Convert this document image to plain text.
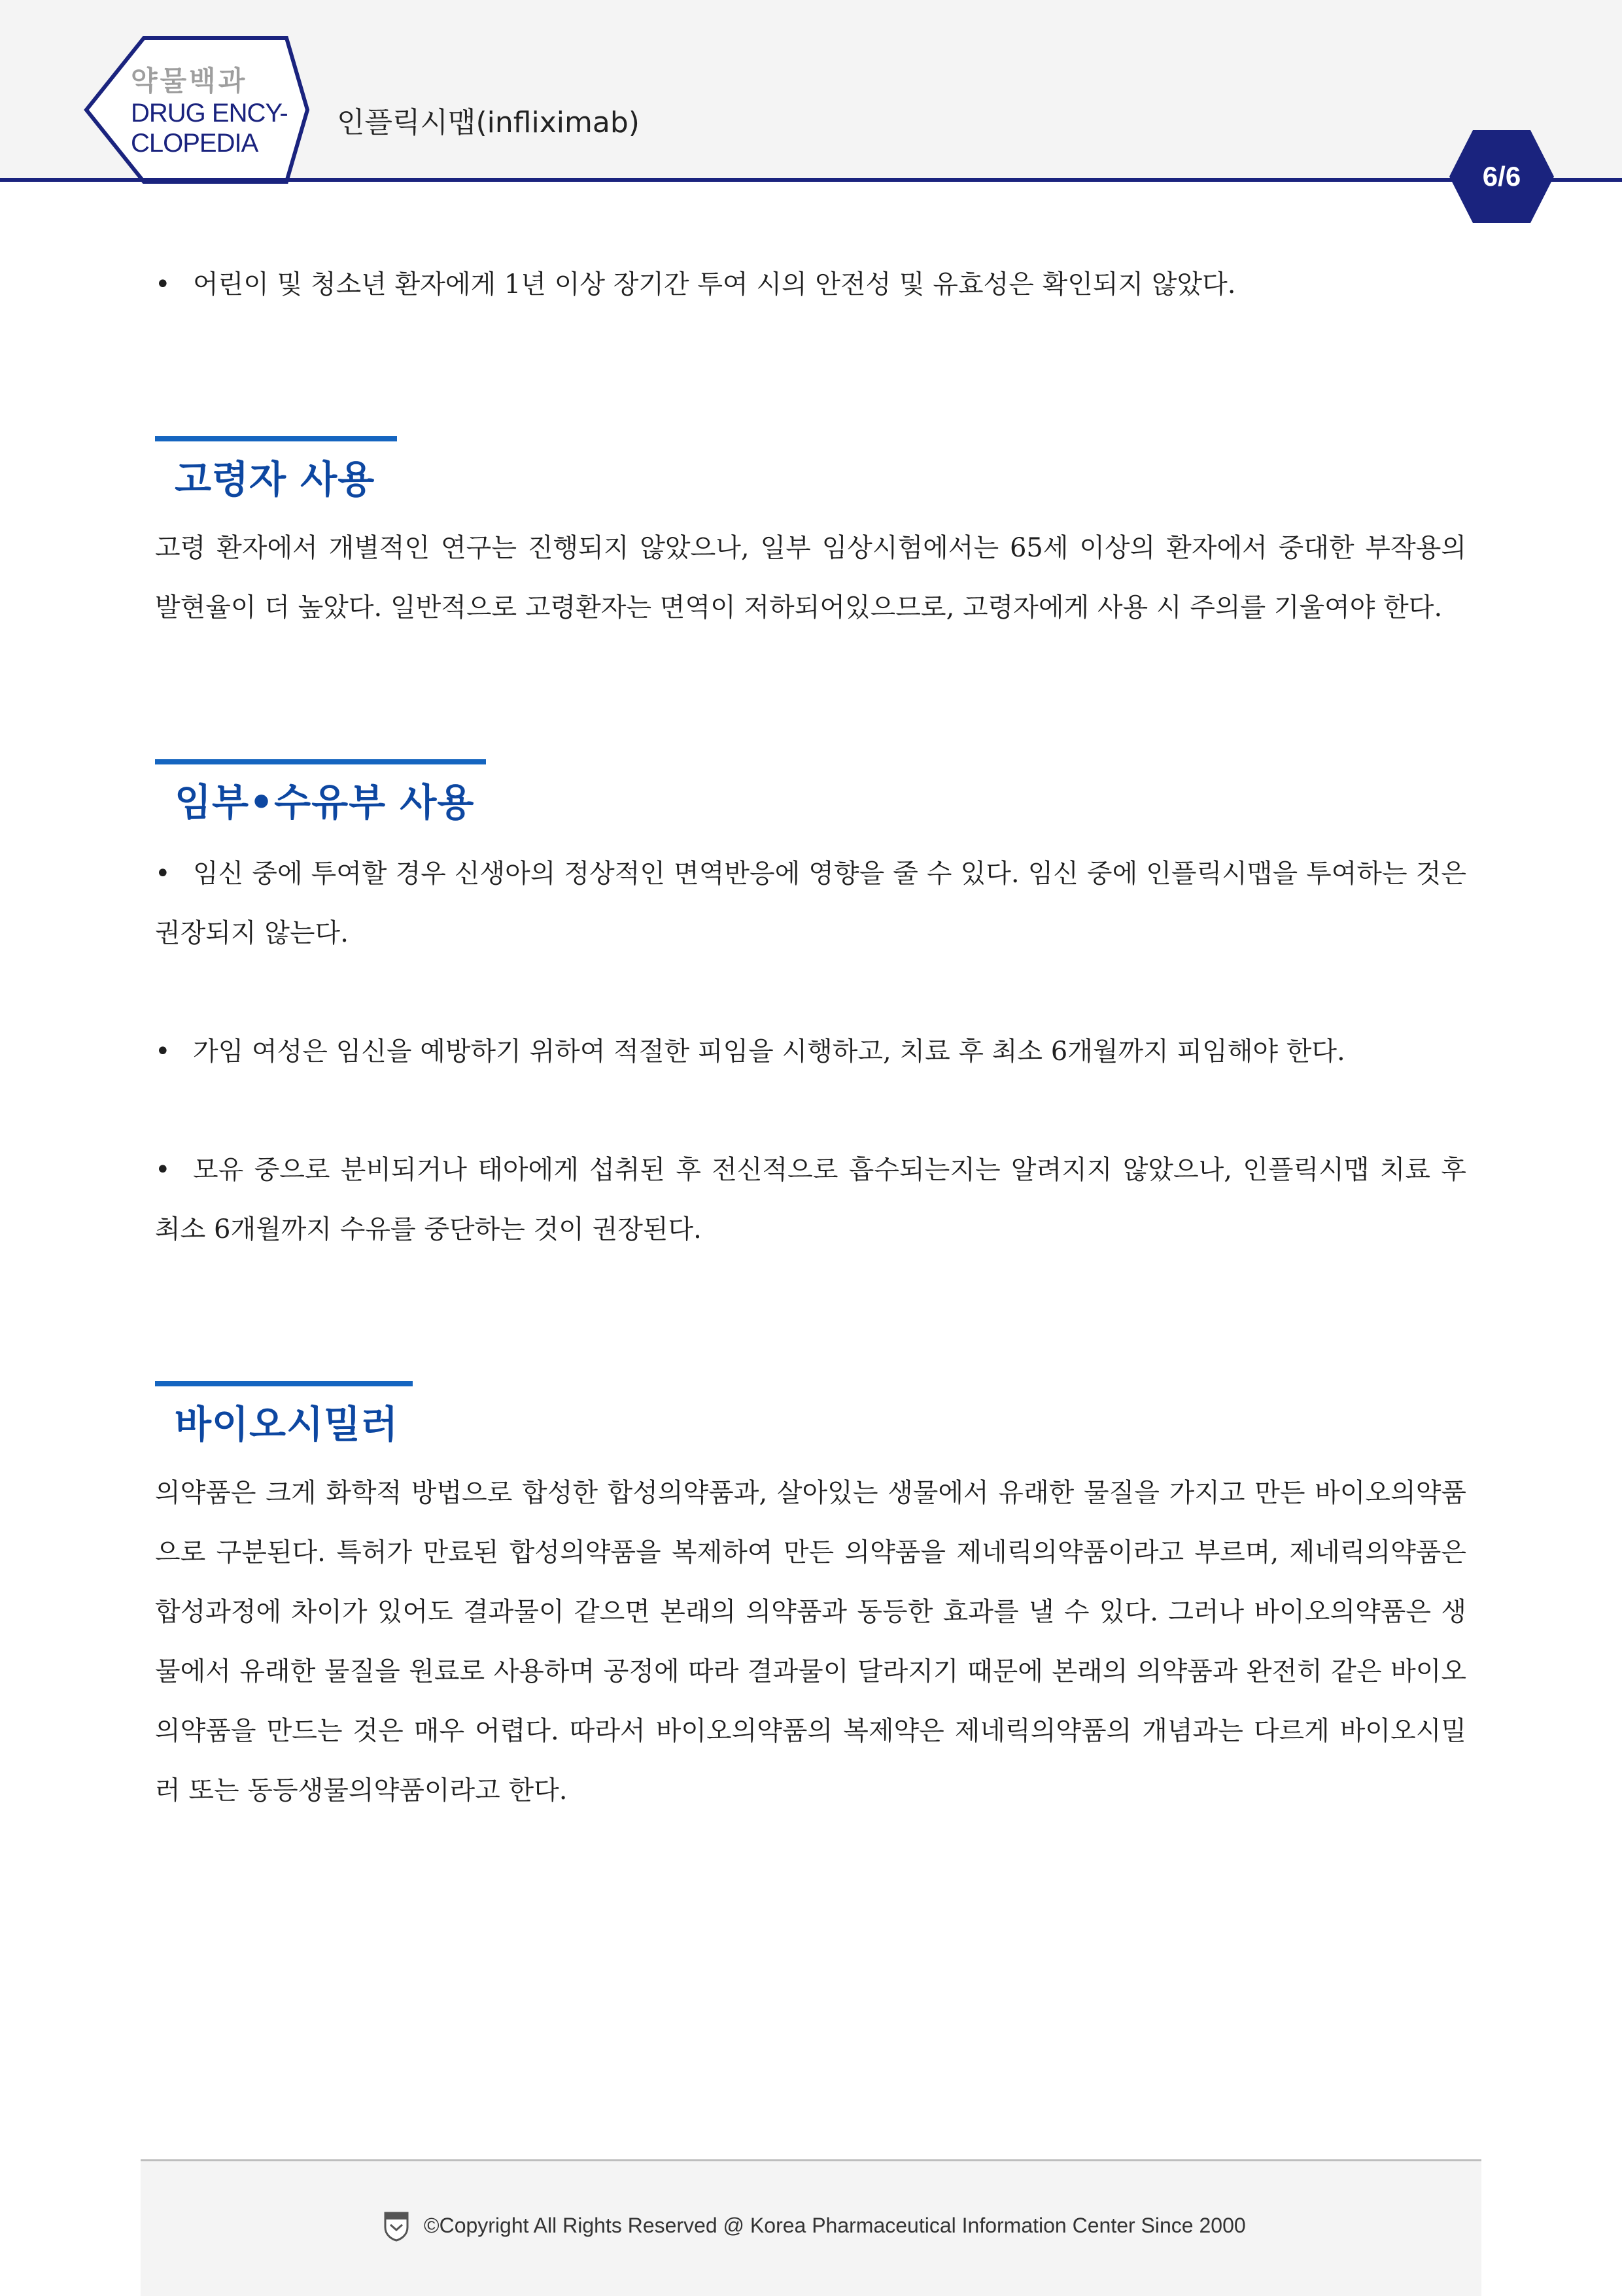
약물백과
DRUG ENCY-
CLOPEDIA
인플릭시맵(infliximab)
6/6

• 어린이 및 청소년 환자에게 1년 이상 장기간 투여 시의 안전성 및 유효성은 확인되지 않았다.

고령자 사용

고령 환자에서 개별적인 연구는 진행되지 않았으나, 일부 임상시험에서는 65세 이상의 환자에서 중대한 부작용의 발현율이 더 높았다. 일반적으로 고령환자는 면역이 저하되어있으므로, 고령자에게 사용 시 주의를 기울여야 한다.

임부•수유부 사용

• 임신 중에 투여할 경우 신생아의 정상적인 면역반응에 영향을 줄 수 있다. 임신 중에 인플릭시맵을 투여하는 것은 권장되지 않는다.

• 가임 여성은 임신을 예방하기 위하여 적절한 피임을 시행하고, 치료 후 최소 6개월까지 피임해야 한다.

• 모유 중으로 분비되거나 태아에게 섭취된 후 전신적으로 흡수되는지는 알려지지 않았으나, 인플릭시맵 치료 후 최소 6개월까지 수유를 중단하는 것이 권장된다.

바이오시밀러

의약품은 크게 화학적 방법으로 합성한 합성의약품과, 살아있는 생물에서 유래한 물질을 가지고 만든 바이오의약품으로 구분된다. 특허가 만료된 합성의약품을 복제하여 만든 의약품을 제네릭의약품이라고 부르며, 제네릭의약품은 합성과정에 차이가 있어도 결과물이 같으면 본래의 의약품과 동등한 효과를 낼 수 있다. 그러나 바이오의약품은 생물에서 유래한 물질을 원료로 사용하며 공정에 따라 결과물이 달라지기 때문에 본래의 의약품과 완전히 같은 바이오의약품을 만드는 것은 매우 어렵다. 따라서 바이오의약품의 복제약은 제네릭의약품의 개념과는 다르게 바이오시밀러 또는 동등생물의약품이라고 한다.

©Copyright All Rights Reserved @ Korea Pharmaceutical Information Center Since 2000
